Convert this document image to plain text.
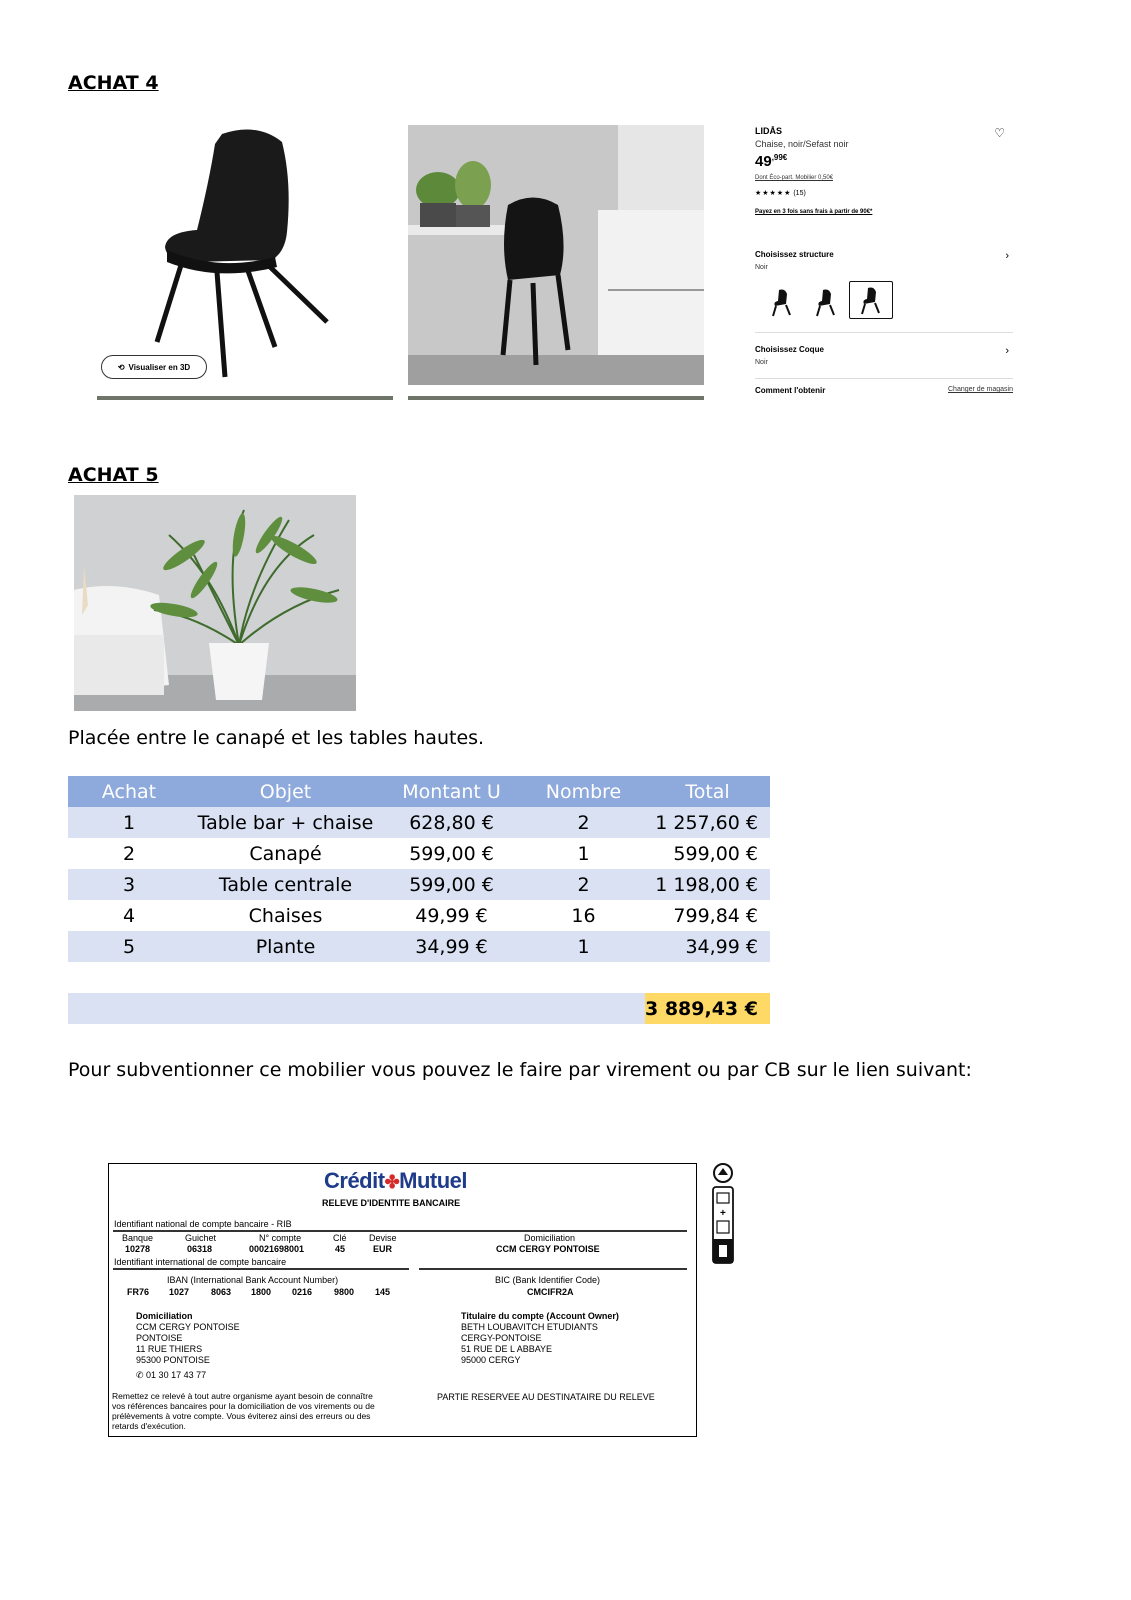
ACHAT 4
⟲ Visualiser en 3D
LIDÅS	♡
Chaise, noir/Sefast noir
$49^{,99€}$
Dont Éco-part. Mobilier 0,50€
★★★★★ (15)
Payez en 3 fois sans frais à partir de 90€*
Choisissez structure
Noir
›
Choisissez Coque
Noir
›
Comment l'obtenir	Changer de magasin
ACHAT 5
Placée entre le canapé et les tables hautes.
Achat	Objet	Montant U	Nombre	Total
1	Table bar + chaise	628,80 €	2	1 257,60 €
2	Canapé	599,00 €	1	599,00 €
3	Table centrale	599,00 €	2	1 198,00 €
4	Chaises	49,99 €	16	799,84 €
5	Plante	34,99 €	1	34,99 €

				3 889,43 €
Pour subventionner ce mobilier vous pouvez le faire par virement ou par CB sur le lien suivant:
Crédit✤Mutuel
RELEVE D'IDENTITE BANCAIRE
Identifiant national de compte bancaire - RIB
Banque	Guichet	N° compte	Clé Devise
10278	06318	00021698001	45	EUR
Domiciliation
CCM CERGY PONTOISE
Identifiant international de compte bancaire
IBAN (International Bank Account Number)
FR76 1027 8063 1800 0216 9800 145
BIC (Bank Identifier Code)
CMCIFR2A
Domiciliation
CCM CERGY PONTOISE
PONTOISE
11 RUE THIERS
95300 PONTOISE
✆ 01 30 17 43 77
Titulaire du compte (Account Owner)
BETH LOUBAVITCH ETUDIANTS
CERGY-PONTOISE
51 RUE DE L ABBAYE
95000 CERGY
Remettez ce relevé à tout autre organisme ayant besoin de connaître
vos références bancaires pour la domiciliation de vos virements ou de
prélèvements à votre compte. Vous éviterez ainsi des erreurs ou des
retards d'exécution.
PARTIE RESERVEE AU DESTINATAIRE DU RELEVE
+
